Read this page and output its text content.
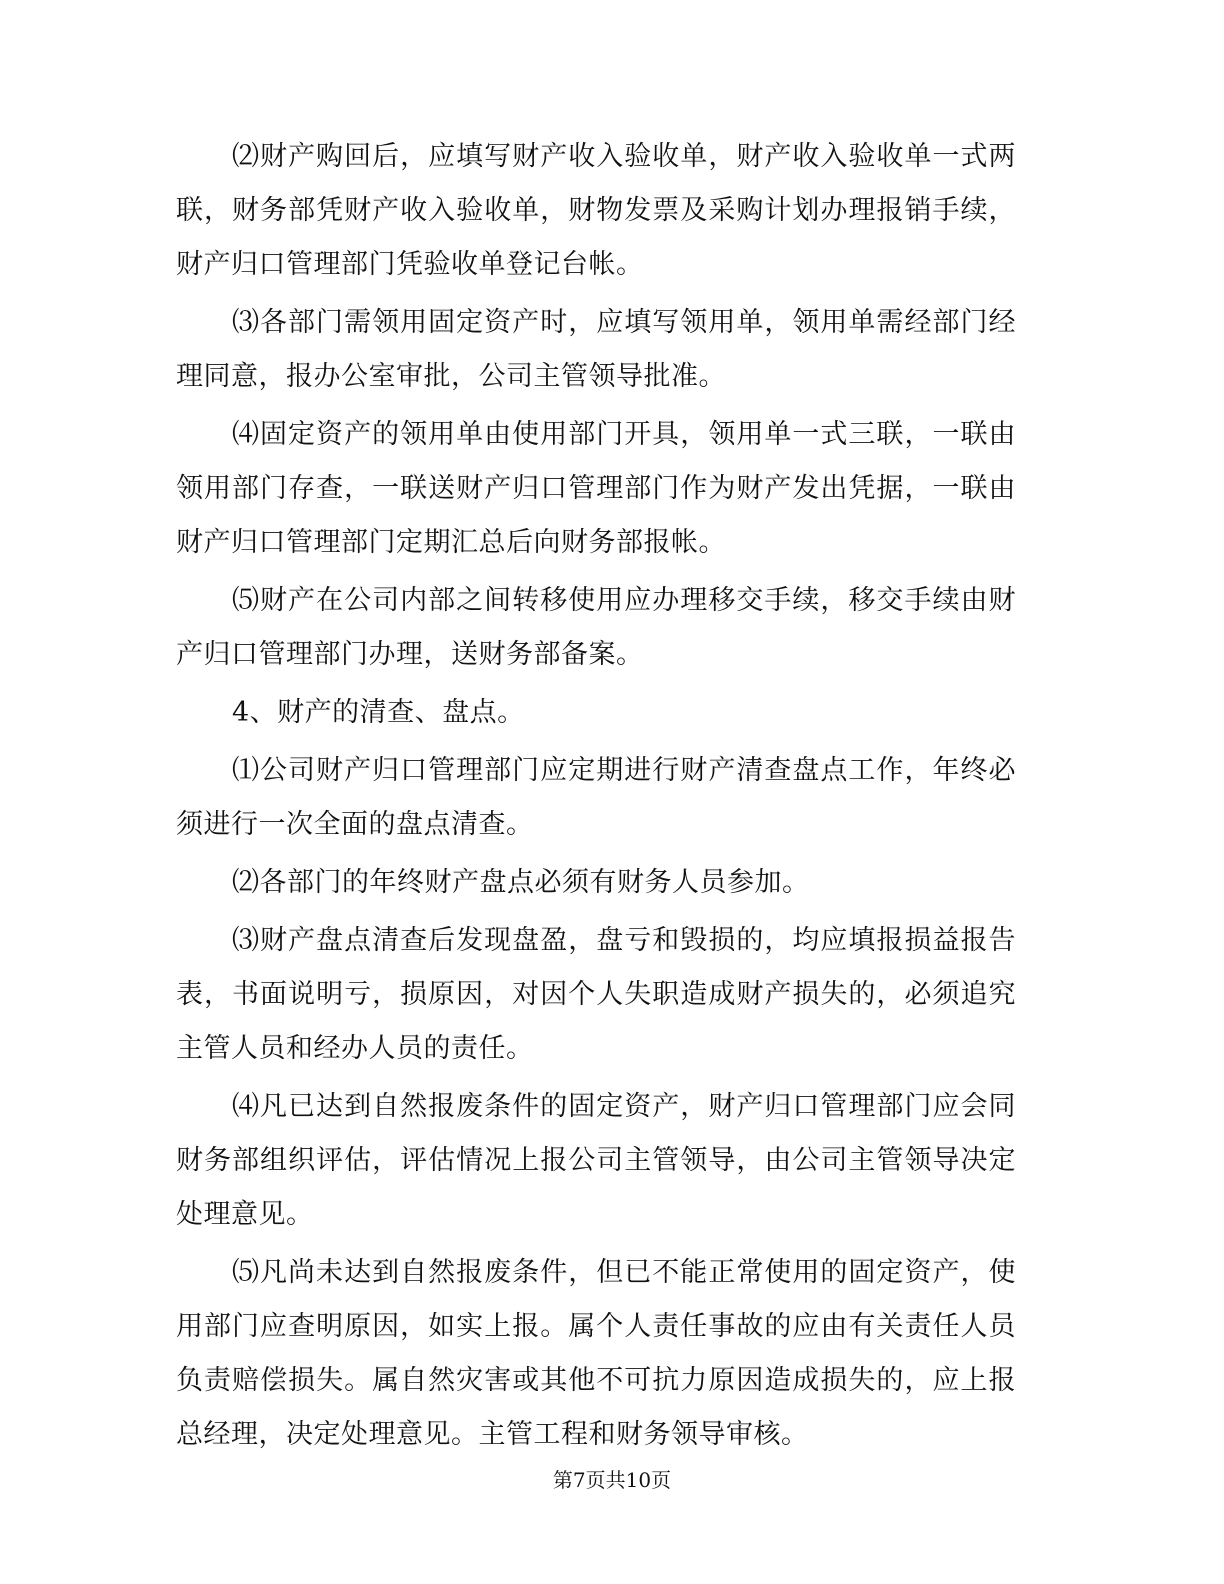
⑵财产购回后，应填写财产收入验收单，财产收入验收单一式两联，财务部凭财产收入验收单，财物发票及采购计划办理报销手续，财产归口管理部门凭验收单登记台帐。

⑶各部门需领用固定资产时，应填写领用单，领用单需经部门经理同意，报办公室审批，公司主管领导批准。

⑷固定资产的领用单由使用部门开具，领用单一式三联，一联由领用部门存查，一联送财产归口管理部门作为财产发出凭据，一联由财产归口管理部门定期汇总后向财务部报帐。

⑸财产在公司内部之间转移使用应办理移交手续，移交手续由财产归口管理部门办理，送财务部备案。

4、财产的清查、盘点。

⑴公司财产归口管理部门应定期进行财产清查盘点工作，年终必须进行一次全面的盘点清查。

⑵各部门的年终财产盘点必须有财务人员参加。

⑶财产盘点清查后发现盘盈，盘亏和毁损的，均应填报损益报告表，书面说明亏，损原因，对因个人失职造成财产损失的，必须追究主管人员和经办人员的责任。

⑷凡已达到自然报废条件的固定资产，财产归口管理部门应会同财务部组织评估，评估情况上报公司主管领导，由公司主管领导决定处理意见。

⑸凡尚未达到自然报废条件，但已不能正常使用的固定资产，使用部门应查明原因，如实上报。属个人责任事故的应由有关责任人员负责赔偿损失。属自然灾害或其他不可抗力原因造成损失的，应上报总经理，决定处理意见。主管工程和财务领导审核。

第7页共10页
